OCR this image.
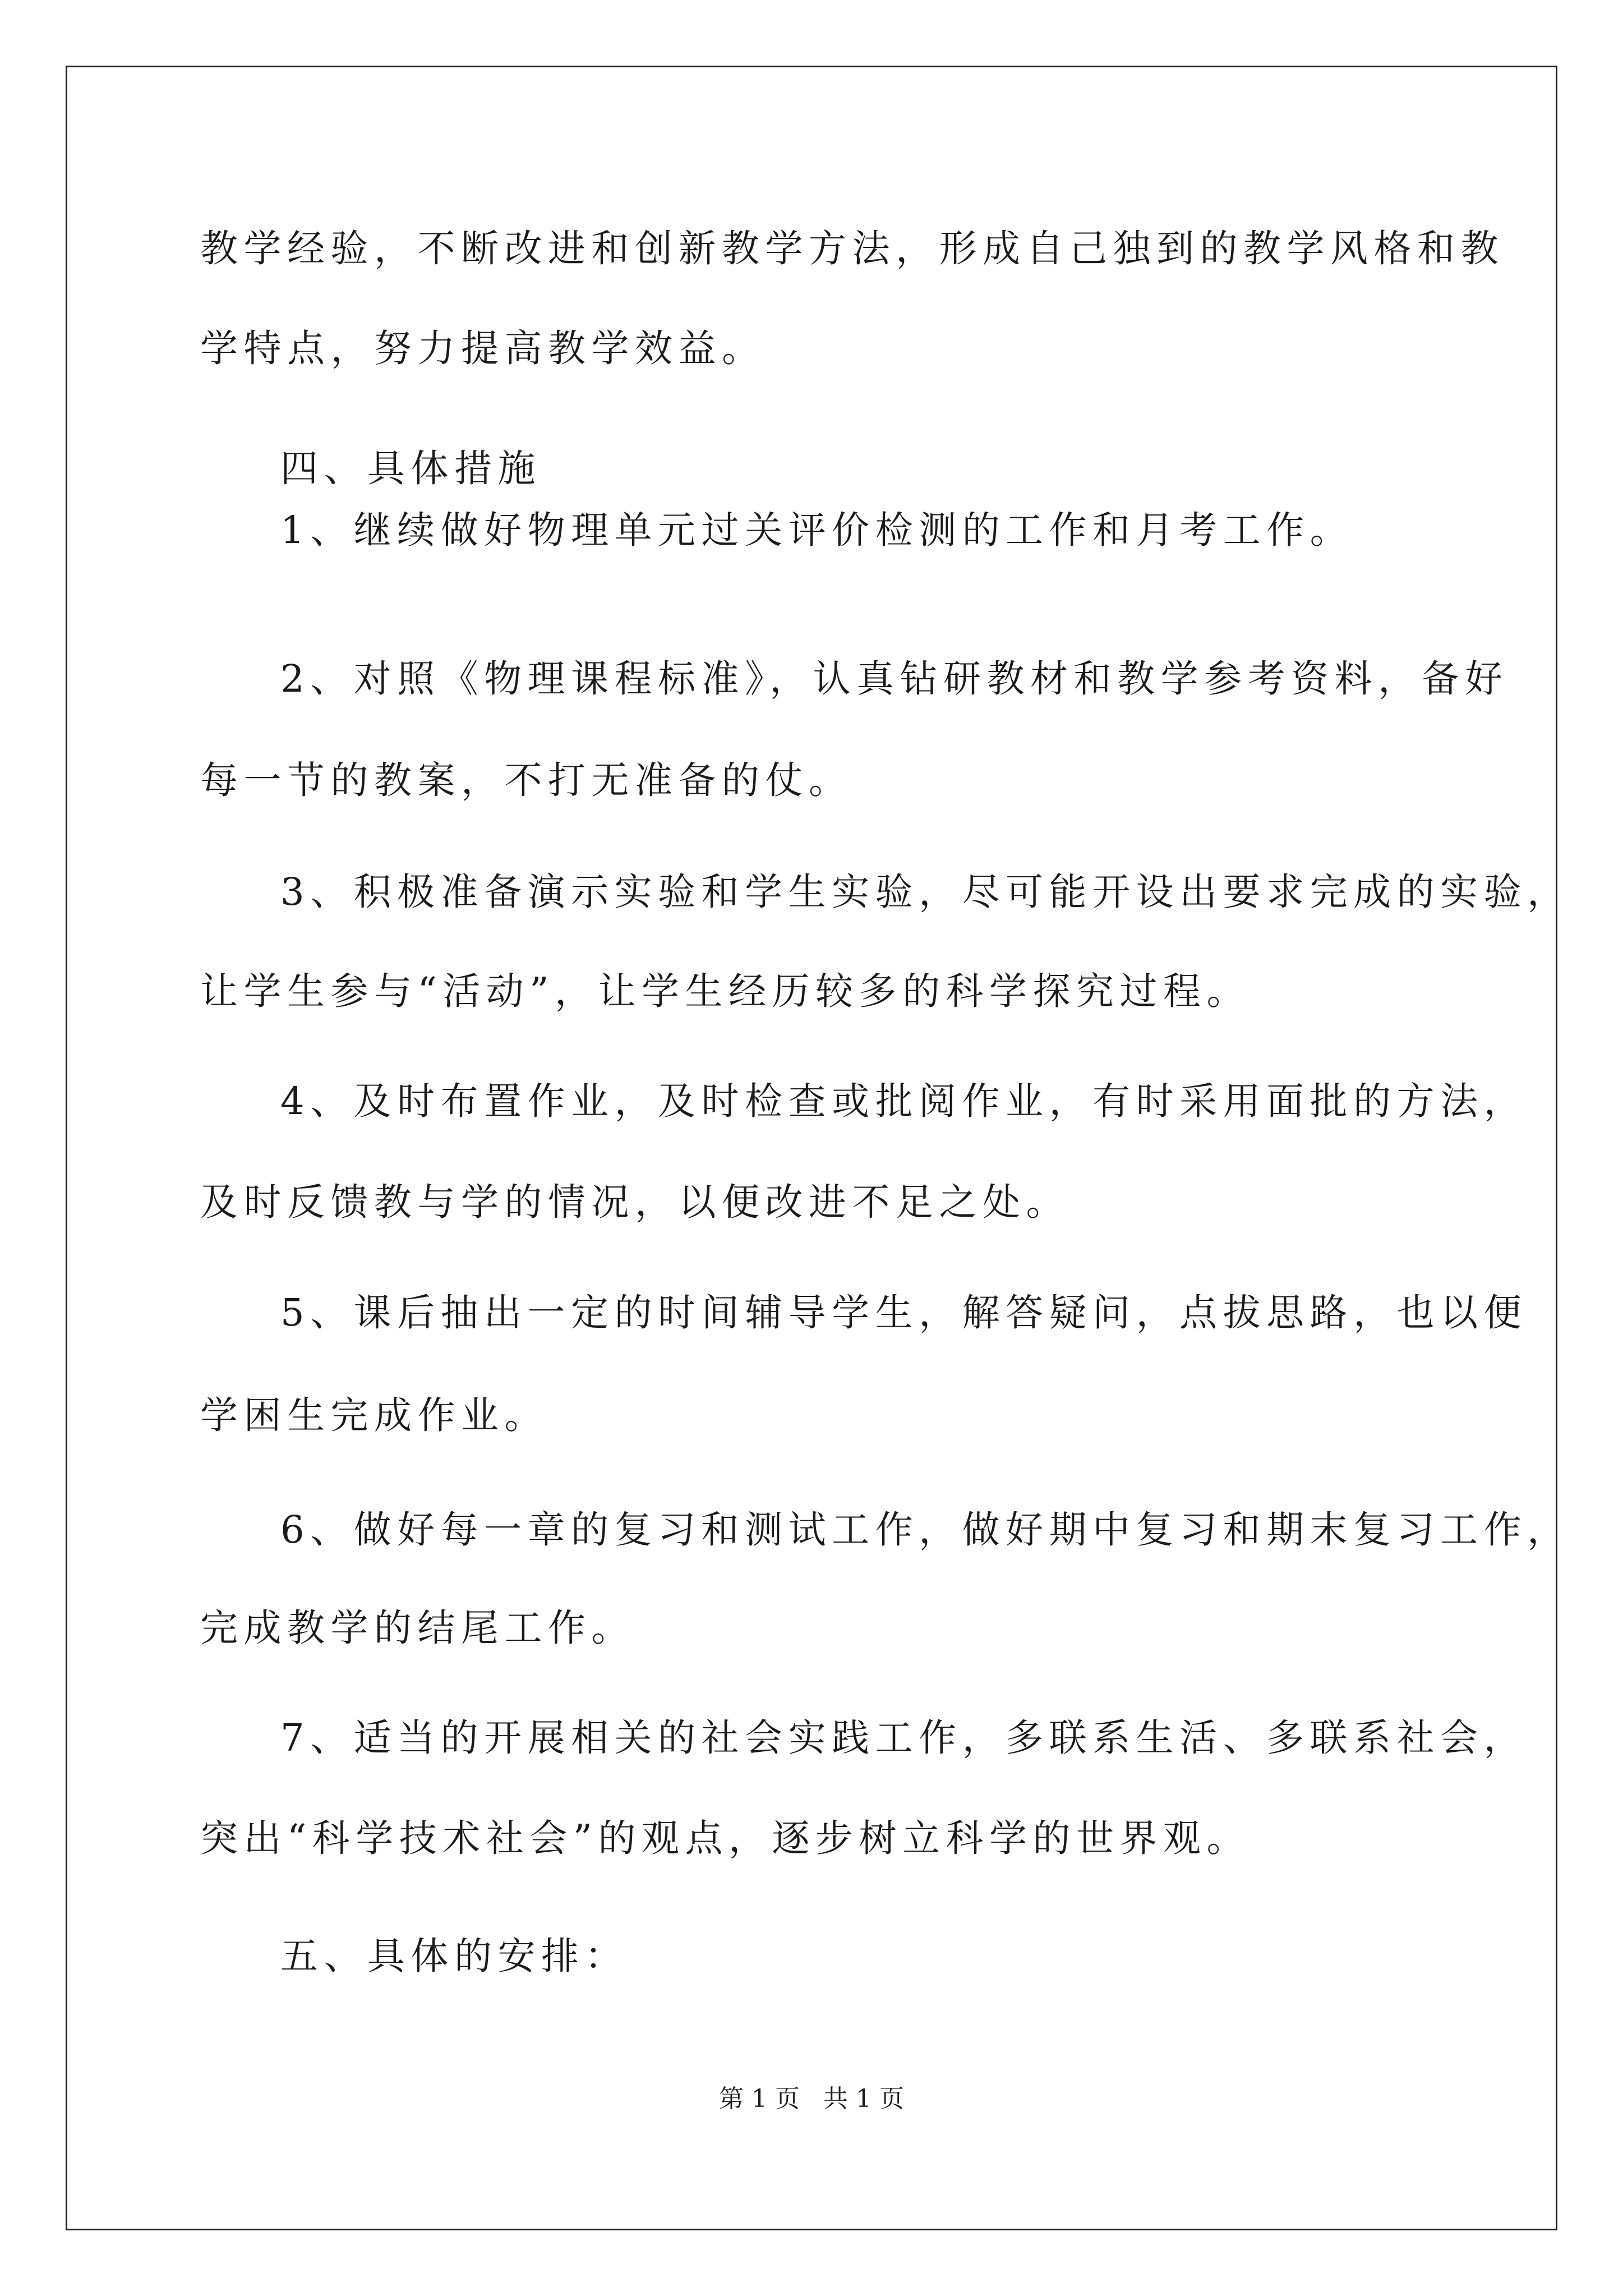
教学经验，不断改进和创新教学方法，形成自己独到的教学风格和教
学特点，努力提高教学效益。
四、具体措施
1、继续做好物理单元过关评价检测的工作和月考工作。
2、对照《物理课程标准》，认真钻研教材和教学参考资料，备好
每一节的教案，不打无准备的仗。
3、积极准备演示实验和学生实验，尽可能开设出要求完成的实验，
让学生参与“活动”，让学生经历较多的科学探究过程。
4、及时布置作业，及时检查或批阅作业，有时采用面批的方法，
及时反馈教与学的情况，以便改进不足之处。
5、课后抽出一定的时间辅导学生，解答疑问，点拔思路，也以便
学困生完成作业。
6、做好每一章的复习和测试工作，做好期中复习和期末复习工作，
完成教学的结尾工作。
7、适当的开展相关的社会实践工作，多联系生活、多联系社会，
突出“科学技术社会”的观点，逐步树立科学的世界观。
五、具体的安排：
第 1 页   共 1 页
